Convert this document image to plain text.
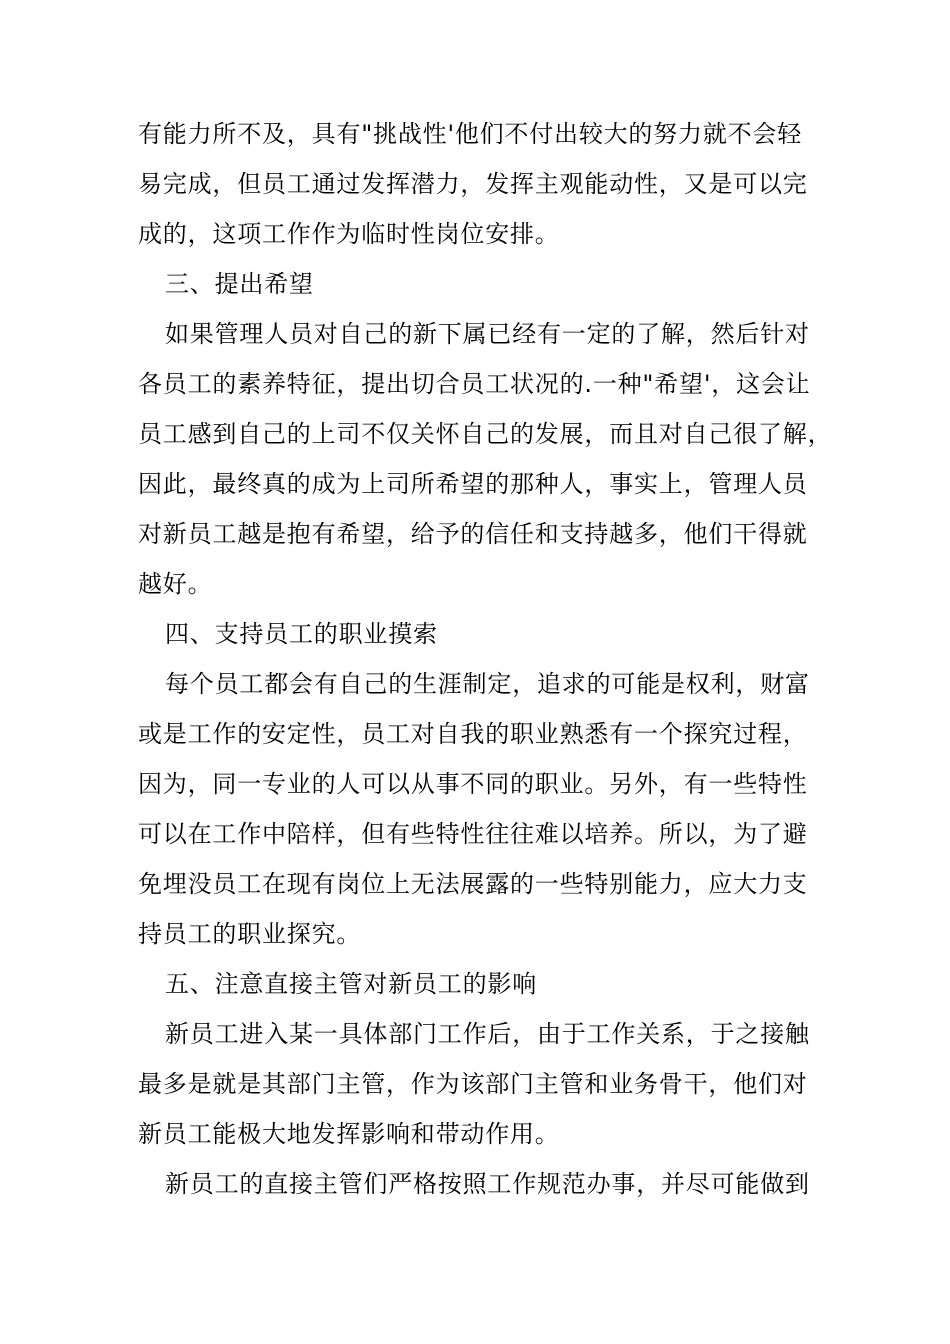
有能力所不及，具有"挑战性'他们不付出较大的努力就不会轻
易完成，但员工通过发挥潜力，发挥主观能动性，又是可以完
成的，这项工作作为临时性岗位安排。
三、提出希望
如果管理人员对自己的新下属已经有一定的了解，然后针对
各员工的素养特征，提出切合员工状况的.一种"希望'，这会让
员工感到自己的上司不仅关怀自己的发展，而且对自己很了解，
因此，最终真的成为上司所希望的那种人，事实上，管理人员
对新员工越是抱有希望，给予的信任和支持越多，他们干得就
越好。
四、支持员工的职业摸索
每个员工都会有自己的生涯制定，追求的可能是权利，财富
或是工作的安定性，员工对自我的职业熟悉有一个探究过程，
因为，同一专业的人可以从事不同的职业。另外，有一些特性
可以在工作中陪样，但有些特性往往难以培养。所以，为了避
免埋没员工在现有岗位上无法展露的一些特别能力，应大力支
持员工的职业探究。
五、注意直接主管对新员工的影响
新员工进入某一具体部门工作后，由于工作关系，于之接触
最多是就是其部门主管，作为该部门主管和业务骨干，他们对
新员工能极大地发挥影响和带动作用。
新员工的直接主管们严格按照工作规范办事，并尽可能做到
